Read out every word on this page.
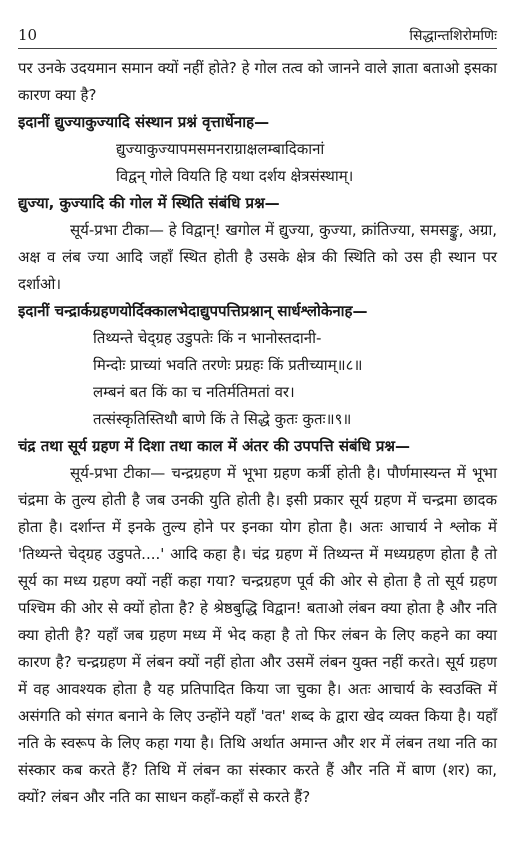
10	सिद्धान्तशिरोमणिः

पर उनके उदयमान समान क्यों नहीं होते? हे गोल तत्व को जानने वाले ज्ञाता बताओ इसका कारण क्या है?

इदानीं द्युज्याकुज्यादि संस्थान प्रश्नं वृत्तार्धेनाह—

द्युज्याकुज्यापमसमनराग्राक्षलम्बादिकानां

विद्वन् गोले वियति हि यथा दर्शय क्षेत्रसंस्थाम्।

द्युज्या, कुज्यादि की गोल में स्थिति संबंधि प्रश्न—

सूर्य-प्रभा टीका— हे विद्वान्! खगोल में द्युज्या, कुज्या, क्रांतिज्या, समसङ्कु, अग्रा, अक्ष व लंब ज्या आदि जहाँ स्थित होती है उसके क्षेत्र की स्थिति को उस ही स्थान पर दर्शाओ।

इदानीं चन्द्रार्कग्रहणयोर्दिक्कालभेदाद्युपपत्तिप्रश्नान् सार्धश्लोकेनाह—

तिथ्यन्ते चेद्ग्रह उडुपतेः किं न भानोस्तदानी-

मिन्दोः प्राच्यां भवति तरणेः प्रग्रहः किं प्रतीच्याम्॥८॥

लम्बनं बत किं का च नतिर्मतिमतां वर।

तत्संस्कृतिस्तिथौ बाणे किं ते सिद्धे कुतः कुतः॥९॥

चंद्र तथा सूर्य ग्रहण में दिशा तथा काल में अंतर की उपपत्ति संबंधि प्रश्न—

सूर्य-प्रभा टीका— चन्द्रग्रहण में भूभा ग्रहण कर्त्री होती है। पौर्णमास्यन्त में भूभा चंद्रमा के तुल्य होती है जब उनकी युति होती है। इसी प्रकार सूर्य ग्रहण में चन्द्रमा छादक होता है। दर्शान्त में इनके तुल्य होने पर इनका योग होता है। अतः आचार्य ने श्लोक में 'तिथ्यन्ते चेद्ग्रह उडुपते....' आदि कहा है। चंद्र ग्रहण में तिथ्यन्त में मध्यग्रहण होता है तो सूर्य का मध्य ग्रहण क्यों नहीं कहा गया? चन्द्रग्रहण पूर्व की ओर से होता है तो सूर्य ग्रहण पश्चिम की ओर से क्यों होता है? हे श्रेष्ठबुद्धि विद्वान! बताओ लंबन क्या होता है और नति क्या होती है? यहाँ जब ग्रहण मध्य में भेद कहा है तो फिर लंबन के लिए कहने का क्या कारण है? चन्द्रग्रहण में लंबन क्यों नहीं होता और उसमें लंबन युक्त नहीं करते। सूर्य ग्रहण में वह आवश्यक होता है यह प्रतिपादित किया जा चुका है। अतः आचार्य के स्वउक्ति में असंगति को संगत बनाने के लिए उन्होंने यहाँ 'वत' शब्द के द्वारा खेद व्यक्त किया है। यहाँ नति के स्वरूप के लिए कहा गया है। तिथि अर्थात अमान्त और शर में लंबन तथा नति का संस्कार कब करते हैं? तिथि में लंबन का संस्कार करते हैं और नति में बाण (शर) का, क्यों? लंबन और नति का साधन कहाँ-कहाँ से करते हैं?
